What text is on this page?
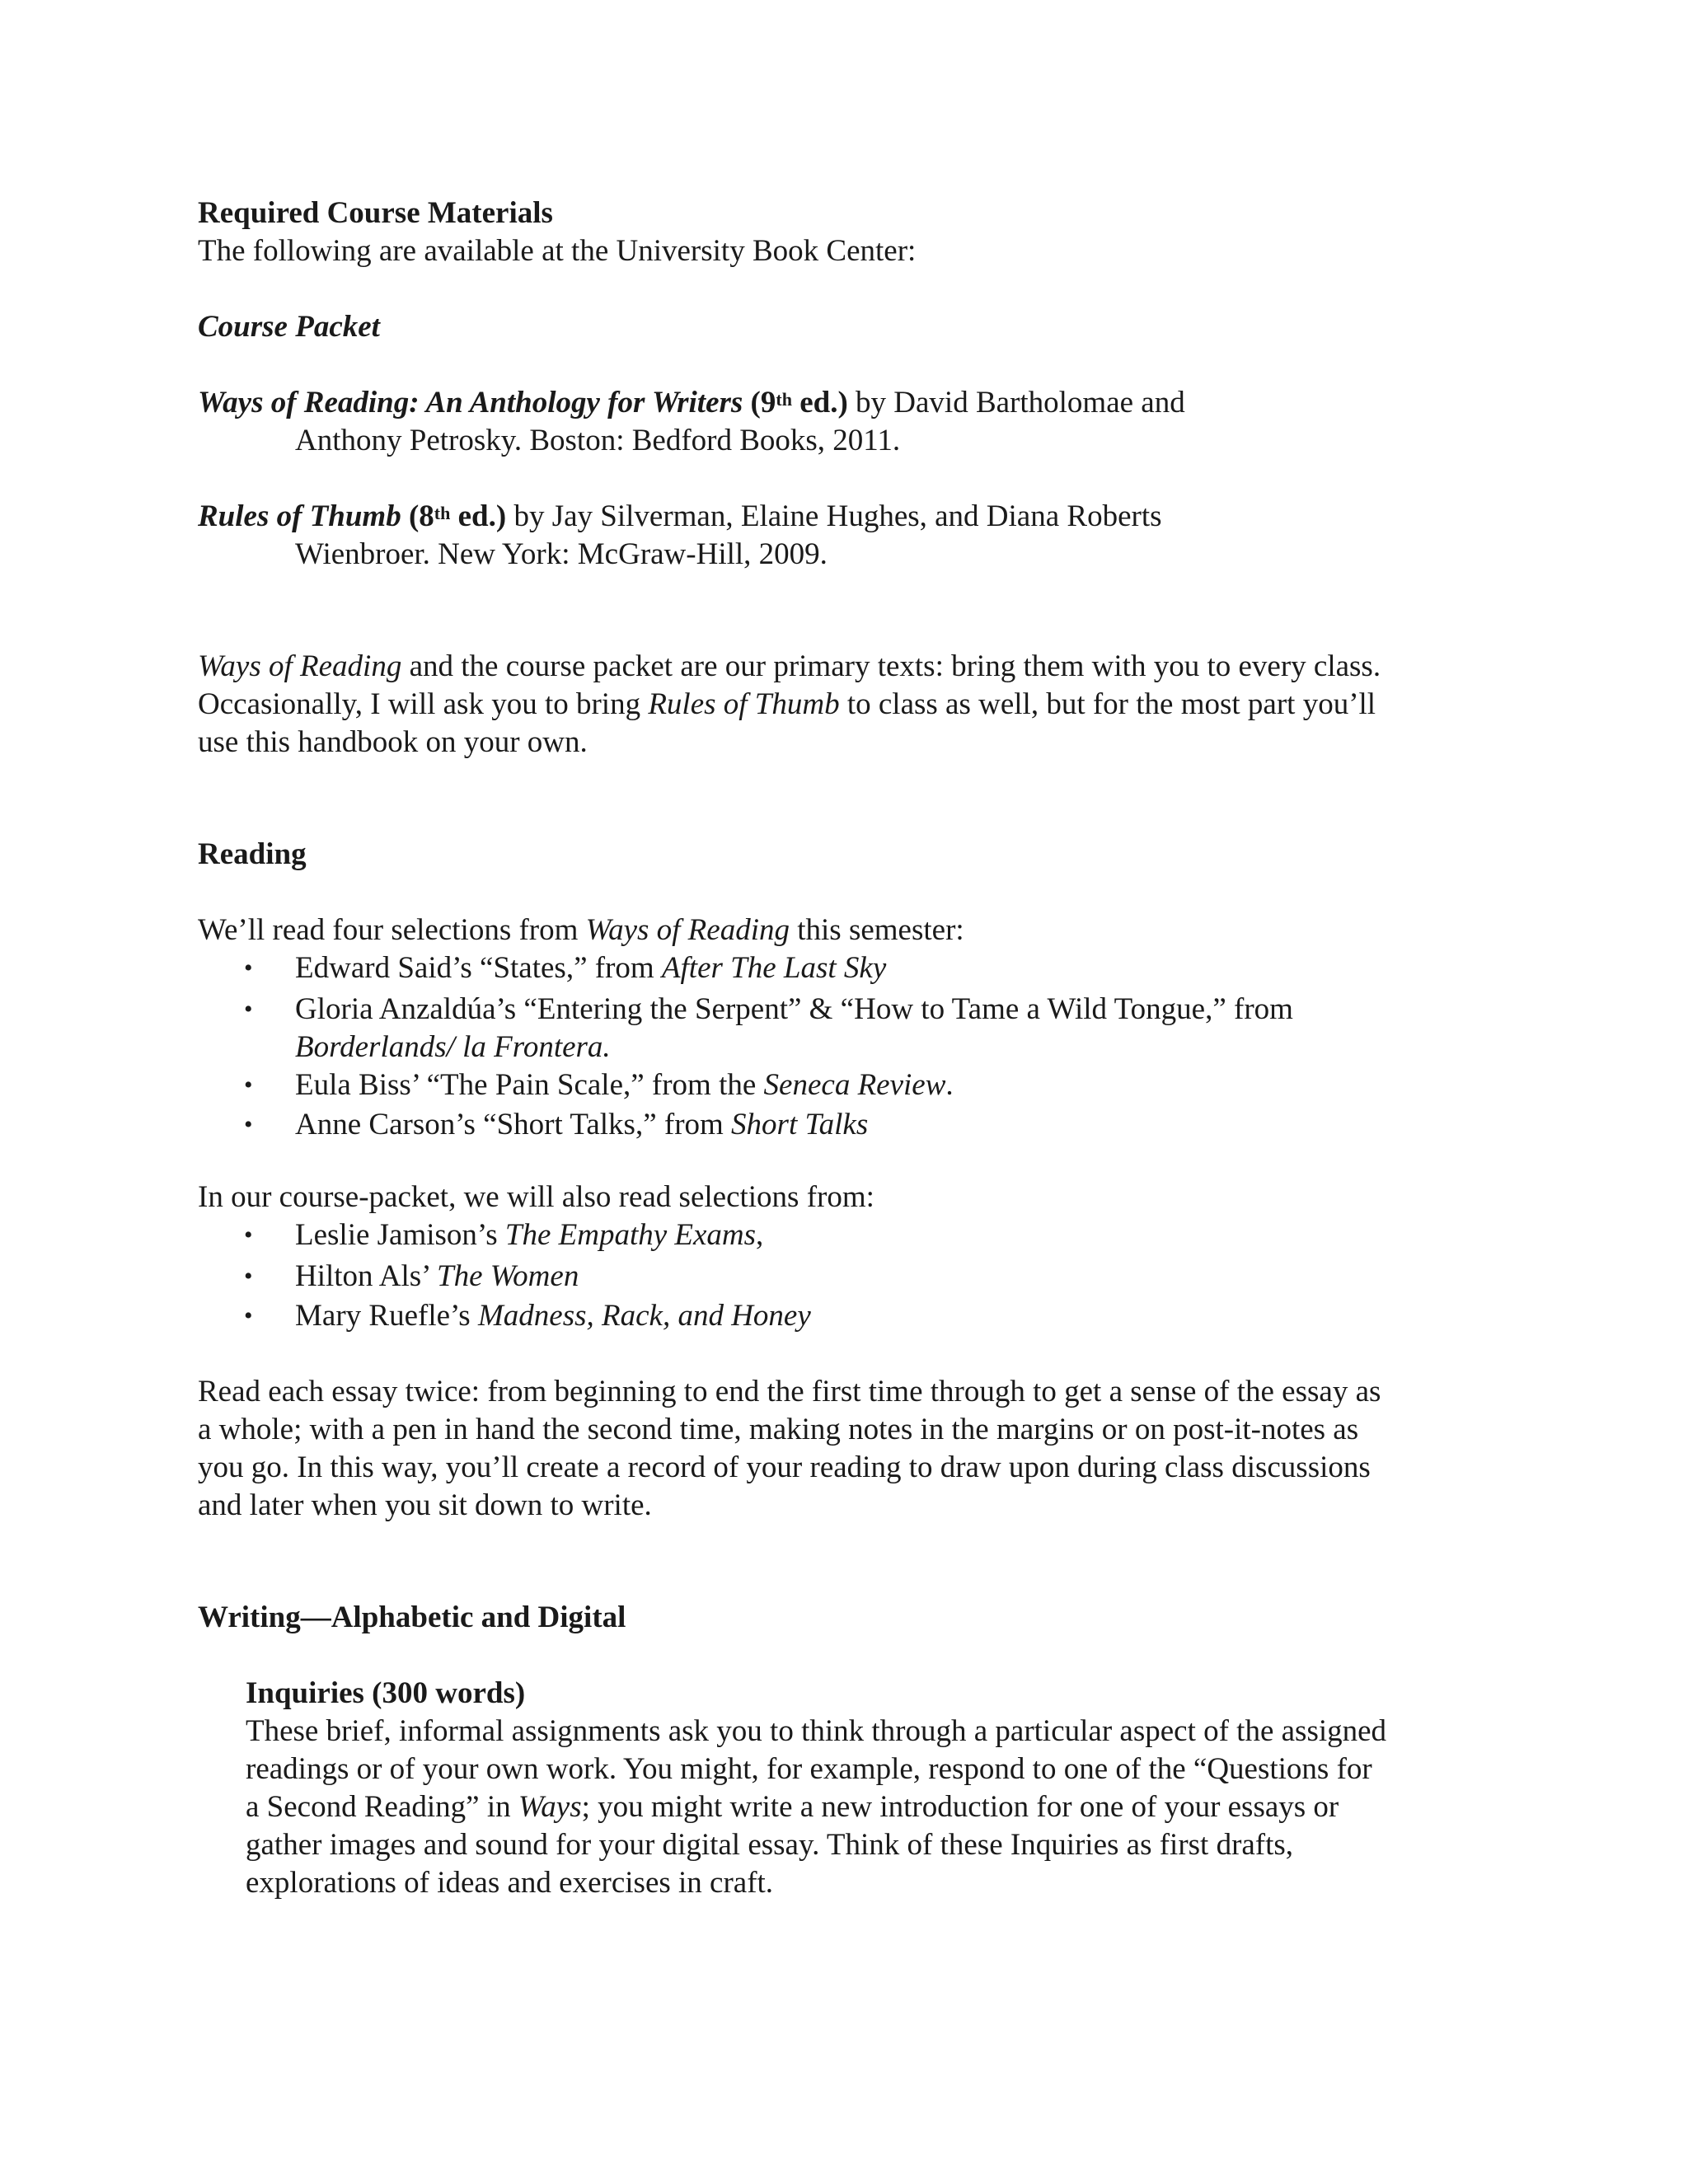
Required Course Materials
The following are available at the University Book Center:
Course Packet
Ways of Reading: An Anthology for Writers (9th ed.) by David Bartholomae and
Anthony Petrosky. Boston: Bedford Books, 2011.
Rules of Thumb (8th ed.) by Jay Silverman, Elaine Hughes, and Diana Roberts
Wienbroer. New York: McGraw-Hill, 2009.
Ways of Reading and the course packet are our primary texts: bring them with you to every class.
Occasionally, I will ask you to bring Rules of Thumb to class as well, but for the most part you’ll
use this handbook on your own.
Reading
We’ll read four selections from Ways of Reading this semester:
• Edward Said’s “States,” from After The Last Sky
• Gloria Anzaldúa’s “Entering the Serpent” & “How to Tame a Wild Tongue,” from
Borderlands/ la Frontera.
• Eula Biss’ “The Pain Scale,” from the Seneca Review.
• Anne Carson’s “Short Talks,” from Short Talks
In our course-packet, we will also read selections from:
• Leslie Jamison’s The Empathy Exams,
• Hilton Als’ The Women
• Mary Ruefle’s Madness, Rack, and Honey
Read each essay twice: from beginning to end the first time through to get a sense of the essay as
a whole; with a pen in hand the second time, making notes in the margins or on post-it-notes as
you go. In this way, you’ll create a record of your reading to draw upon during class discussions
and later when you sit down to write.
Writing—Alphabetic and Digital
Inquiries (300 words)
These brief, informal assignments ask you to think through a particular aspect of the assigned
readings or of your own work. You might, for example, respond to one of the “Questions for
a Second Reading” in Ways; you might write a new introduction for one of your essays or
gather images and sound for your digital essay. Think of these Inquiries as first drafts,
explorations of ideas and exercises in craft.
